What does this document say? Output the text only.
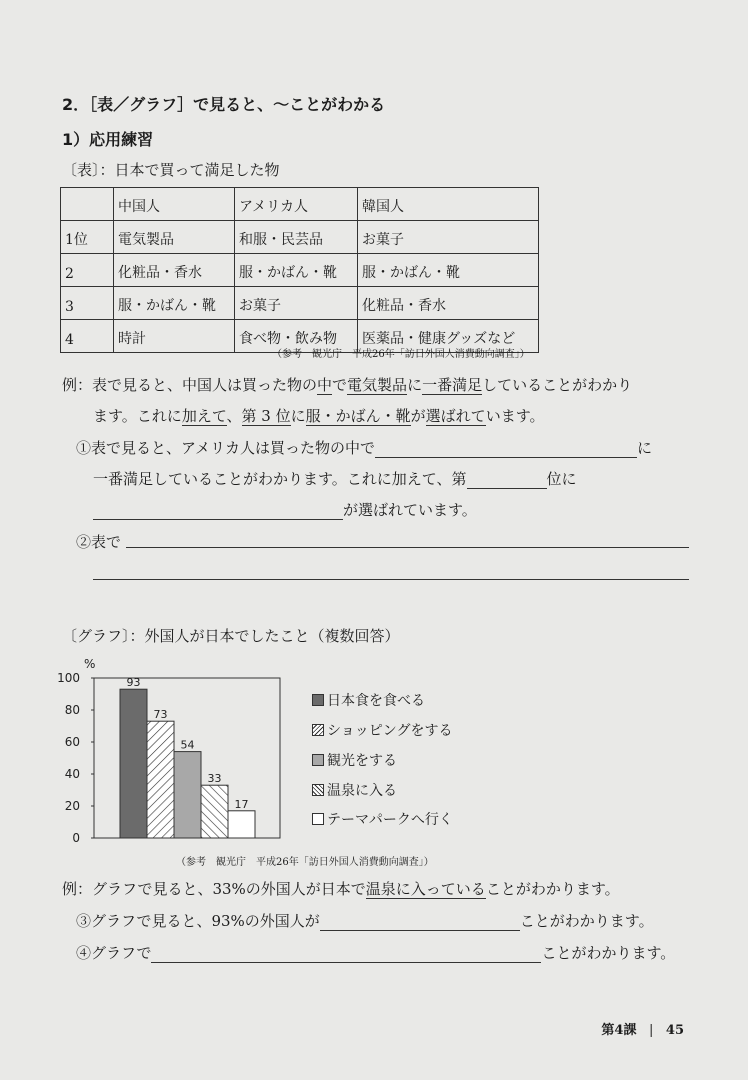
2．［表／グラフ］で見ると、～ことがわかる
1）応用練習
〔表〕：日本で買って満足した物
	中国人	アメリカ人	韓国人
1位	電気製品	和服・民芸品	お菓子
2	化粧品・香水	服・かばん・靴	服・かばん・靴
3	服・かばん・靴	お菓子	化粧品・香水
4	時計	食べ物・飲み物	医薬品・健康グッズなど
（参考　観光庁　平成26年「訪日外国人消費動向調査」）
例：表で見ると、中国人は買った物の中で電気製品に一番満足していることがわかり
ます。これに加えて、第 3 位に服・かばん・靴が選ばれています。
①表で見ると、アメリカ人は買った物の中で	に
一番満足していることがわかります。これに加えて、第	位に
が選ばれています。
②表で
〔グラフ〕：外国人が日本でしたこと（複数回答）
%
100
80
60
40
20
0
93
73
54
33
17
日本食を食べる
ショッピングをする
観光をする
温泉に入る
テーマパークへ行く
（参考　観光庁　平成26年「訪日外国人消費動向調査」）
例：グラフで見ると、33%の外国人が日本で温泉に入っていることがわかります。
③グラフで見ると、93%の外国人が	ことがわかります。
④グラフで	ことがわかります。
第4課 | 45
